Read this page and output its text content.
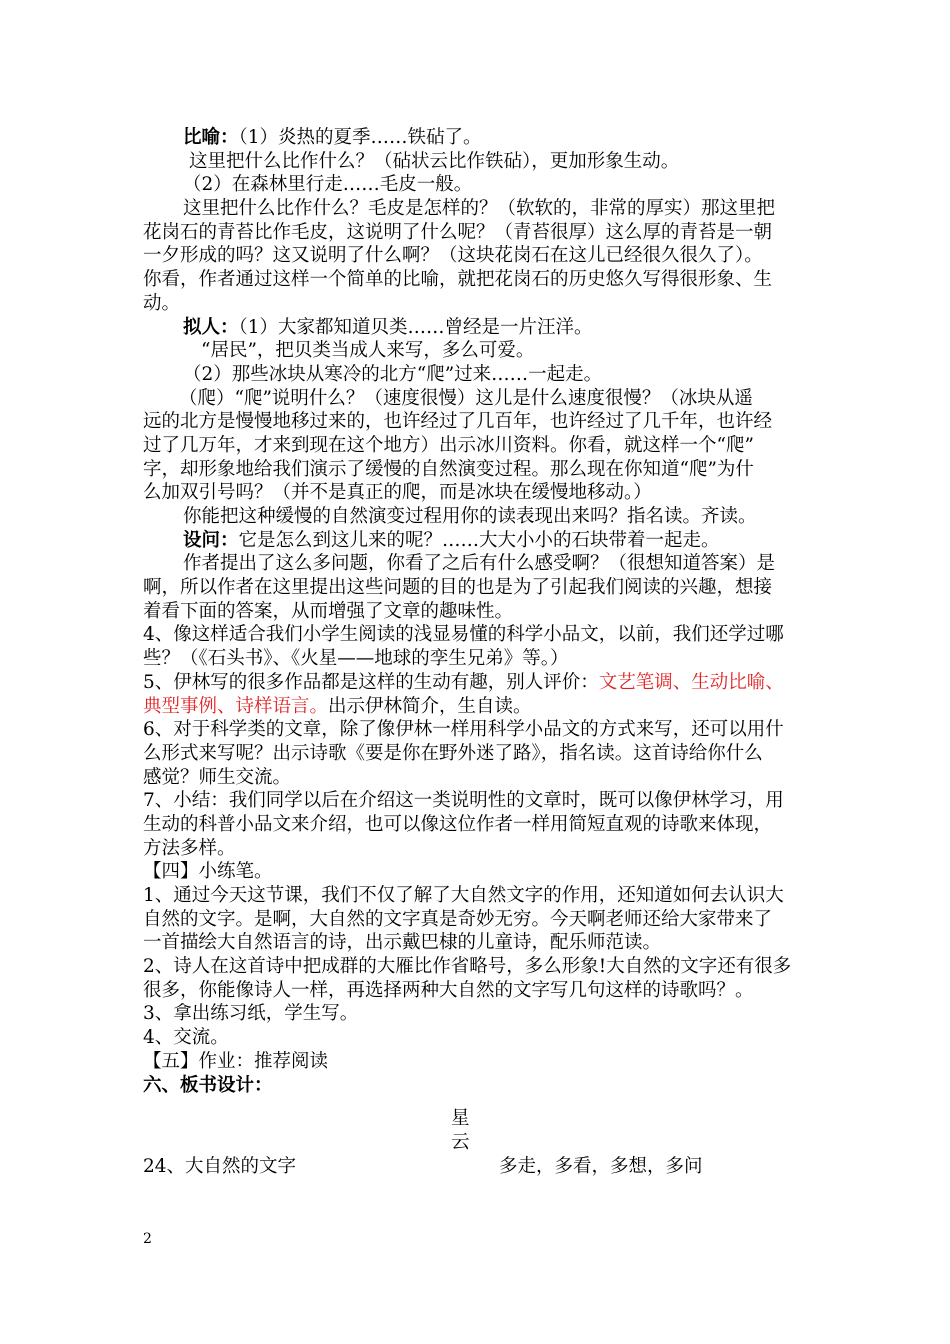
比喻：（1）炎热的夏季……铁砧了。
这里把什么比作什么？（砧状云比作铁砧），更加形象生动。
（2）在森林里行走……毛皮一般。
这里把什么比作什么？毛皮是怎样的？（软软的，非常的厚实）那这里把
花岗石的青苔比作毛皮，这说明了什么呢？（青苔很厚）这么厚的青苔是一朝
一夕形成的吗？这又说明了什么啊？（这块花岗石在这儿已经很久很久了）。
你看，作者通过这样一个简单的比喻，就把花岗石的历史悠久写得很形象、生
动。
拟人：（1）大家都知道贝类……曾经是一片汪洋。
“居民”，把贝类当成人来写，多么可爱。
（2）那些冰块从寒冷的北方“爬”过来……一起走。
（爬）“爬”说明什么？（速度很慢）这儿是什么速度很慢？（冰块从遥
远的北方是慢慢地移过来的，也许经过了几百年，也许经过了几千年，也许经
过了几万年，才来到现在这个地方）出示冰川资料。你看，就这样一个“爬”
字，却形象地给我们演示了缓慢的自然演变过程。那么现在你知道“爬”为什
么加双引号吗？（并不是真正的爬，而是冰块在缓慢地移动。）
你能把这种缓慢的自然演变过程用你的读表现出来吗？指名读。齐读。
设问：它是怎么到这儿来的呢？……大大小小的石块带着一起走。
作者提出了这么多问题，你看了之后有什么感受啊？（很想知道答案）是
啊，所以作者在这里提出这些问题的目的也是为了引起我们阅读的兴趣，想接
着看下面的答案，从而增强了文章的趣味性。
4、像这样适合我们小学生阅读的浅显易懂的科学小品文，以前，我们还学过哪
些？（《石头书》、《火星——地球的孪生兄弟》等。）
5、伊林写的很多作品都是这样的生动有趣，别人评价：文艺笔调、生动比喻、
典型事例、诗样语言。出示伊林简介，生自读。
6、对于科学类的文章，除了像伊林一样用科学小品文的方式来写，还可以用什
么形式来写呢？出示诗歌《要是你在野外迷了路》，指名读。这首诗给你什么
感觉？师生交流。
7、小结：我们同学以后在介绍这一类说明性的文章时，既可以像伊林学习，用
生动的科普小品文来介绍，也可以像这位作者一样用简短直观的诗歌来体现，
方法多样。
【四】小练笔。
1、通过今天这节课，我们不仅了解了大自然文字的作用，还知道如何去认识大
自然的文字。是啊，大自然的文字真是奇妙无穷。今天啊老师还给大家带来了
一首描绘大自然语言的诗，出示戴巴棣的儿童诗，配乐师范读。
2、诗人在这首诗中把成群的大雁比作省略号，多么形象!大自然的文字还有很多
很多，你能像诗人一样，再选择两种大自然的文字写几句这样的诗歌吗？。
3、拿出练习纸，学生写。
4、交流。
【五】作业：推荐阅读
六、板书设计：
星
云
24、大自然的文字	多走，多看，多想，多问
2
